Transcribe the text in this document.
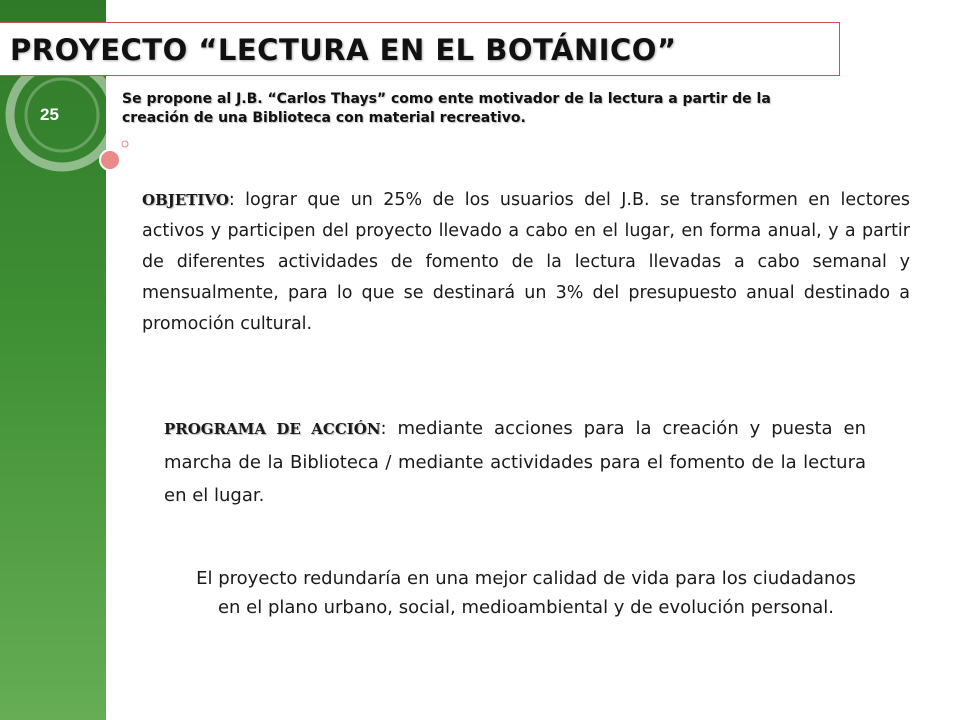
25
PROYECTO “LECTURA EN EL BOTÁNICO”

Se propone al J.B. “Carlos Thays” como ente motivador de la lectura a partir de la creación de una Biblioteca con material recreativo.

OBJETIVO: lograr que un 25% de los usuarios del J.B. se transformen en lectores activos y participen del proyecto llevado a cabo en el lugar, en forma anual, y a partir de diferentes actividades de fomento de la lectura llevadas a cabo semanal y mensualmente, para lo que se destinará un 3% del presupuesto anual destinado a promoción cultural.

PROGRAMA DE ACCIÓN: mediante acciones para la creación y puesta en marcha de la Biblioteca / mediante actividades para el fomento de la lectura en el lugar.

El proyecto redundaría en una mejor calidad de vida para los ciudadanos en el plano urbano, social, medioambiental y de evolución personal.
